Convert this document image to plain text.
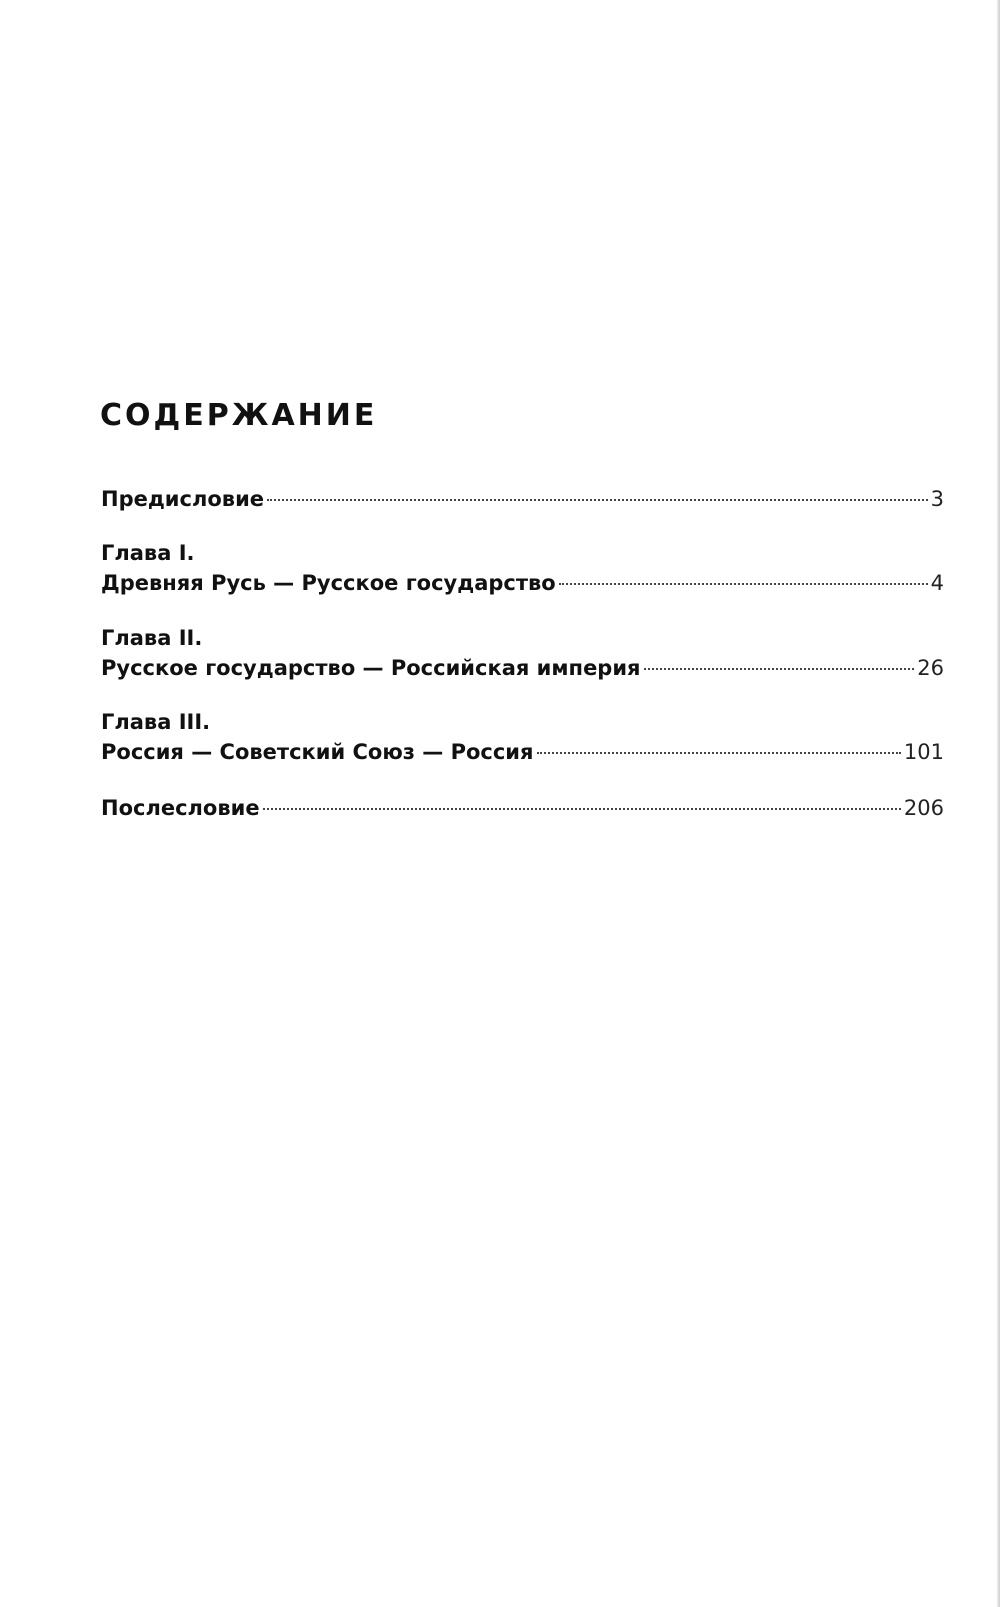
СОДЕРЖАНИЕ
Предисловие	3
Глава I.
Древняя Русь — Русское государство	4
Глава II.
Русское государство — Российская империя	26
Глава III.
Россия — Советский Союз — Россия	101
Послесловие	206
